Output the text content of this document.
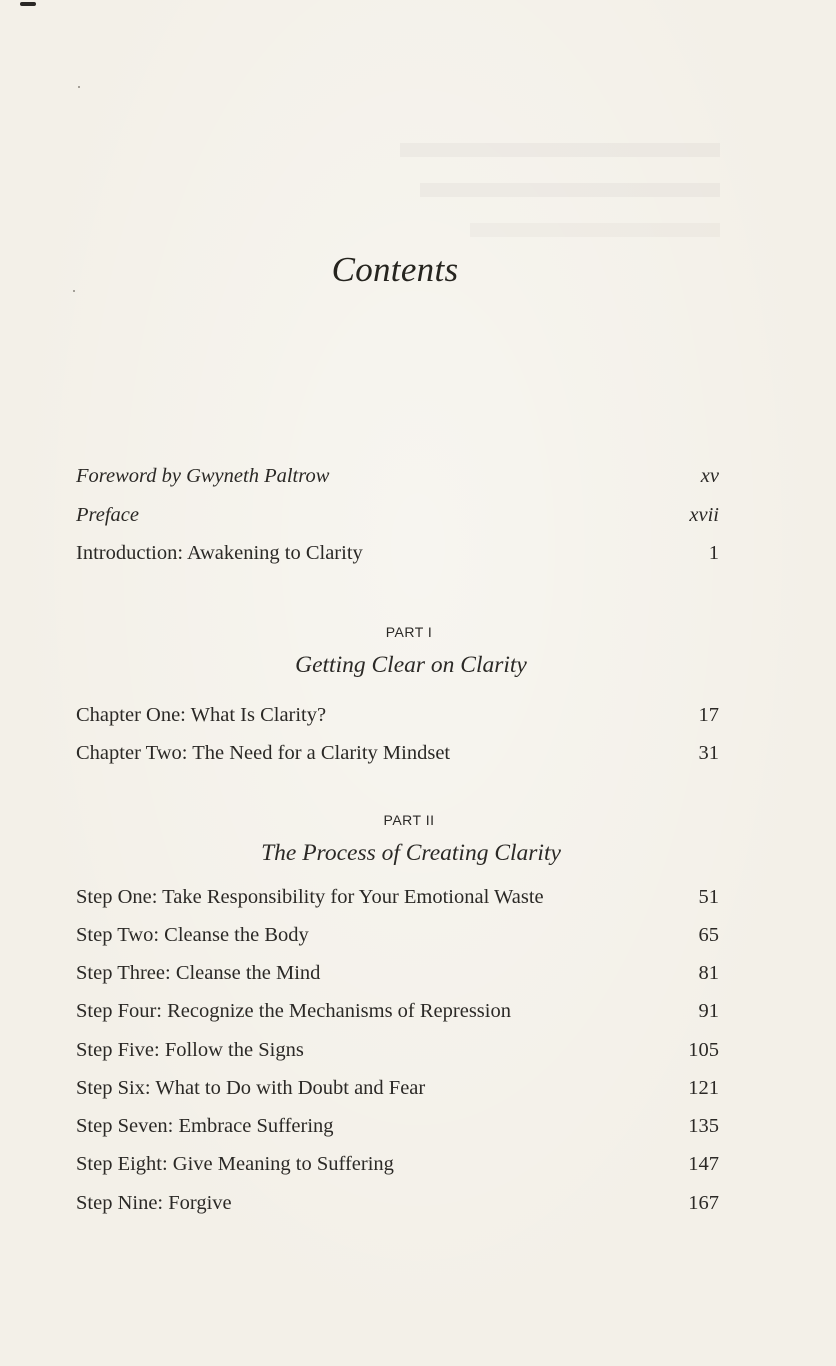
Contents
Foreword by Gwyneth Paltrow	xv
Preface	xvii
Introduction: Awakening to Clarity	1
PART I
Getting Clear on Clarity
Chapter One: What Is Clarity?	17
Chapter Two: The Need for a Clarity Mindset	31
PART II
The Process of Creating Clarity
Step One: Take Responsibility for Your Emotional Waste	51
Step Two: Cleanse the Body	65
Step Three: Cleanse the Mind	81
Step Four: Recognize the Mechanisms of Repression	91
Step Five: Follow the Signs	105
Step Six: What to Do with Doubt and Fear	121
Step Seven: Embrace Suffering	135
Step Eight: Give Meaning to Suffering	147
Step Nine: Forgive	167
